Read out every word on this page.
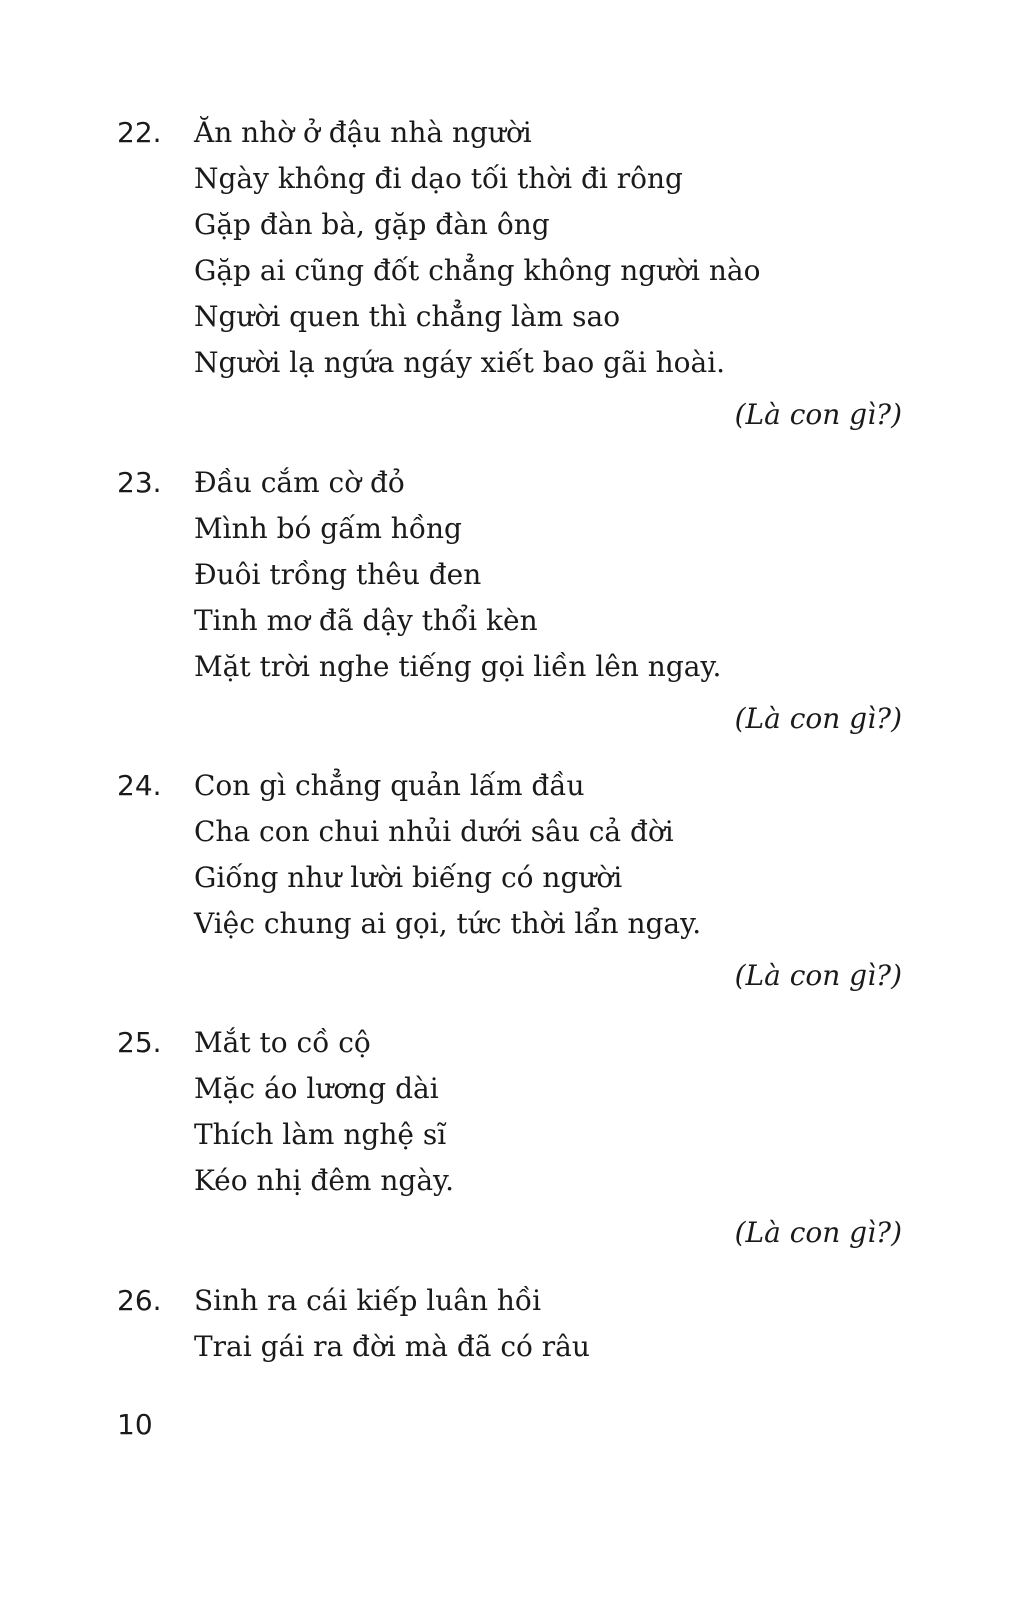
22. Ăn nhờ ở đậu nhà người
Ngày không đi dạo tối thời đi rông
Gặp đàn bà, gặp đàn ông
Gặp ai cũng đốt chẳng không người nào
Người quen thì chẳng làm sao
Người lạ ngứa ngáy xiết bao gãi hoài.
(Là con gì?)
23. Đầu cắm cờ đỏ
Mình bó gấm hồng
Đuôi trồng thêu đen
Tinh mơ đã dậy thổi kèn
Mặt trời nghe tiếng gọi liền lên ngay.
(Là con gì?)
24. Con gì chẳng quản lấm đầu
Cha con chui nhủi dưới sâu cả đời
Giống như lười biếng có người
Việc chung ai gọi, tức thời lẩn ngay.
(Là con gì?)
25. Mắt to cồ cộ
Mặc áo lương dài
Thích làm nghệ sĩ
Kéo nhị đêm ngày.
(Là con gì?)
26. Sinh ra cái kiếp luân hồi
Trai gái ra đời mà đã có râu
10
